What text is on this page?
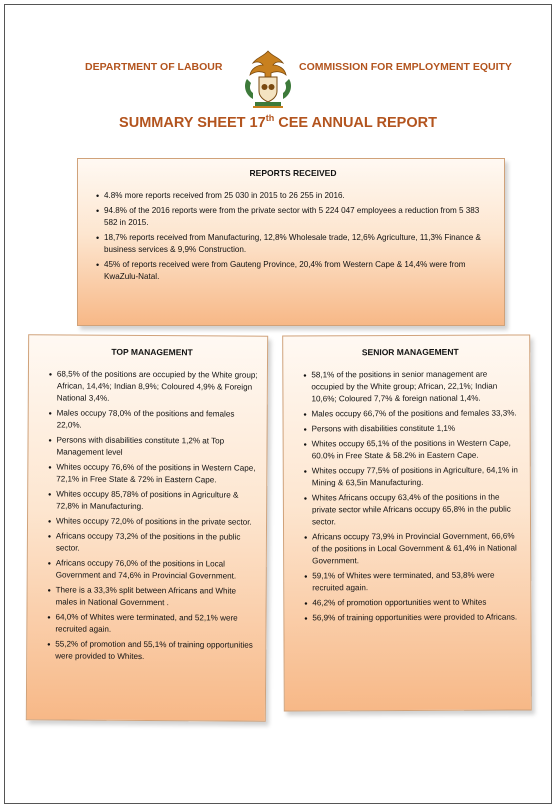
DEPARTMENT OF LABOUR	COMMISSION FOR EMPLOYMENT EQUITY
SUMMARY SHEET 17th CEE ANNUAL REPORT
REPORTS RECEIVED
• 4.8% more reports received from 25 030 in 2015 to 26 255 in 2016.
• 94.8% of the 2016 reports were from the private sector with 5 224 047 employees a reduction from 5 383 582 in 2015.
• 18,7% reports received from Manufacturing, 12,8% Wholesale trade, 12,6% Agriculture, 11,3% Finance & business services & 9,9% Construction.
• 45% of reports received were from Gauteng Province, 20,4% from Western Cape & 14,4% were from KwaZulu-Natal.
TOP MANAGEMENT
• 68,5% of the positions are occupied by the White group; African, 14,4%; Indian 8,9%; Coloured 4,9% & Foreign National 3,4%.
• Males occupy 78,0% of the positions and females 22,0%.
• Persons with disabilities constitute 1,2% at Top Management level
• Whites occupy 76,6% of the positions in Western Cape, 72,1% in Free State & 72% in Eastern Cape.
• Whites occupy 85,78% of positions in Agriculture & 72,8% in Manufacturing.
• Whites occupy 72,0% of positions in the private sector.
• Africans occupy 73,2% of the positions in the public sector.
• Africans occupy 76,0% of the positions in Local Government and 74,6% in Provincial Government.
• There is a 33,3% split between Africans and White males in National Government .
• 64,0% of Whites were terminated, and 52,1% were recruited again.
• 55,2% of promotion and 55,1% of training opportunities were provided to Whites.
SENIOR MANAGEMENT
• 58,1% of the positions in senior management are occupied by the White group; African, 22,1%; Indian 10,6%; Coloured 7,7% & foreign national 1,4%.
• Males occupy 66,7% of the positions and females 33,3%.
• Persons with disabilities constitute 1,1%
• Whites occupy 65,1% of the positions in Western Cape, 60.0% in Free State & 58.2% in Eastern Cape.
• Whites occupy 77,5% of positions in Agriculture, 64,1% in Mining & 63,5in Manufacturing.
• Whites Africans occupy 63,4% of the positions in the private sector while Africans occupy 65,8% in the public sector.
• Africans occupy 73,9% in Provincial Government, 66,6% of the positions in Local Government & 61,4% in National Government.
• 59,1% of Whites were terminated, and 53,8% were recruited again.
• 46,2% of promotion opportunities went to Whites
• 56,9% of training opportunities were provided to Africans.
